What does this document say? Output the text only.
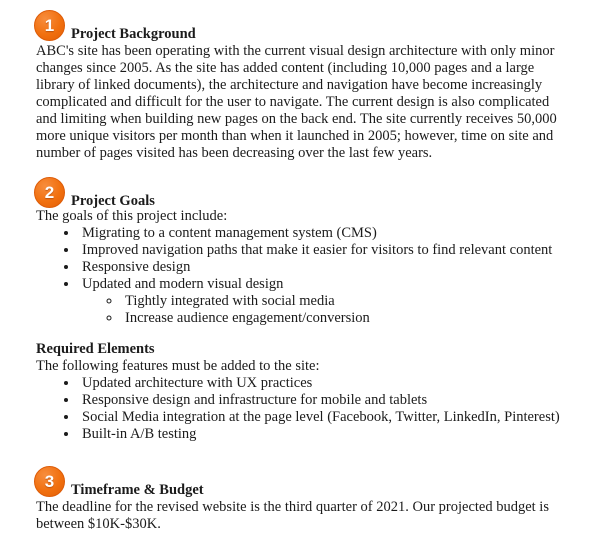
1	Project Background

ABC's site has been operating with the current visual design architecture with only minor changes since 2005. As the site has added content (including 10,000 pages and a large library of linked documents), the architecture and navigation have become increasingly complicated and difficult for the user to navigate. The current design is also complicated and limiting when building new pages on the back end. The site currently receives 50,000 more unique visitors per month than when it launched in 2005; however, time on site and number of pages visited has been decreasing over the last few years.

2	Project Goals

The goals of this project include:

• Migrating to a content management system (CMS)
• Improved navigation paths that make it easier for visitors to find relevant content
• Responsive design
• Updated and modern visual design
◦ Tightly integrated with social media
◦ Increase audience engagement/conversion

Required Elements

The following features must be added to the site:

• Updated architecture with UX practices
• Responsive design and infrastructure for mobile and tablets
• Social Media integration at the page level (Facebook, Twitter, LinkedIn, Pinterest)
• Built-in A/B testing
3	Timeframe & Budget

The deadline for the revised website is the third quarter of 2021. Our projected budget is between $10K-$30K.
